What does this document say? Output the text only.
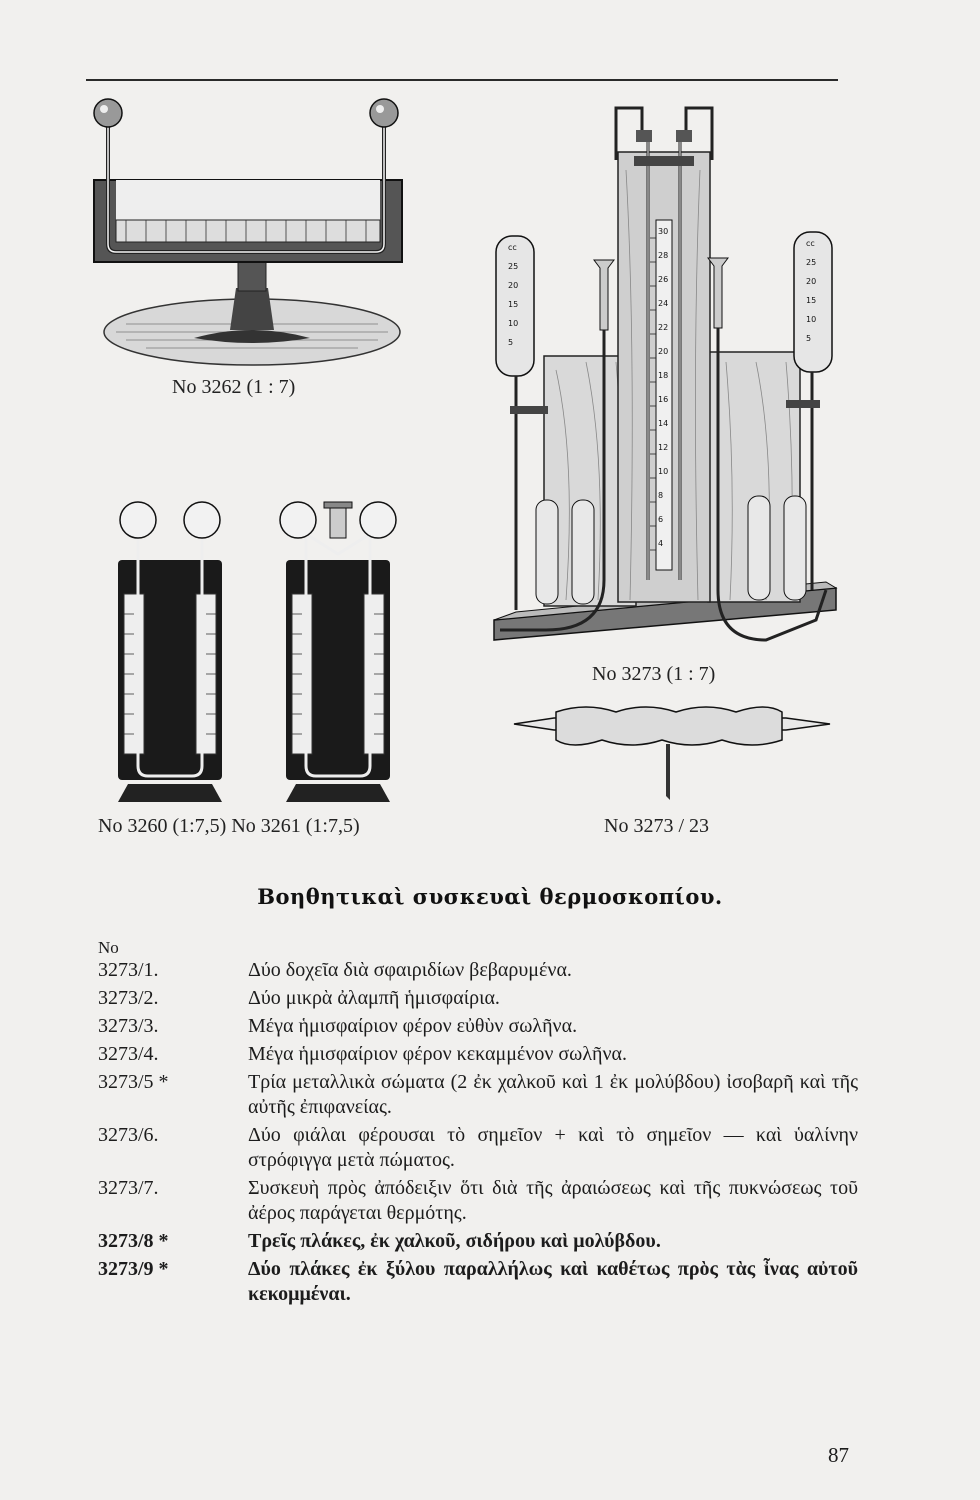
No 3262 (1 : 7)
30
28
26
24
22
20
18
16
14
12
10
8
6
4
cc
25
20
15
10
5
cc
25
20
15
10
5
No 3273 (1 : 7)
No 3273 / 23
No 3260 (1:7,5) No 3261 (1:7,5)
Βοηθητικαὶ συσκευαὶ θερμοσκοπίου.
No
3273/1.	Δύο δοχεῖα διὰ σφαιριδίων βεβαρυμένα.
3273/2.	Δύο μικρὰ ἀλαμπῆ ἡμισφαίρια.
3273/3.	Μέγα ἡμισφαίριον φέρον εὐθὺν σωλῆνα.
3273/4.	Μέγα ἡμισφαίριον φέρον κεκαμμένον σωλῆνα.
3273/5 *	Τρία μεταλλικὰ σώματα (2 ἐκ χαλκοῦ καὶ 1 ἐκ μολύβδου) ἰσοβαρῆ καὶ τῆς αὐτῆς ἐπιφανείας.
3273/6.	Δύο φιάλαι φέρουσαι τὸ σημεῖον + καὶ τὸ σημεῖον — καὶ ὑαλίνην στρόφιγγα μετὰ πώματος.
3273/7.	Συσκευὴ πρὸς ἀπόδειξιν ὅτι διὰ τῆς ἀραιώσεως καὶ τῆς πυκνώσεως τοῦ ἀέρος παράγεται θερμότης.
3273/8 *	Τρεῖς πλάκες, ἐκ χαλκοῦ, σιδήρου καὶ μολύβδου.
3273/9 *	Δύο πλάκες ἐκ ξύλου παραλλήλως καὶ καθέτως πρὸς τὰς ἶνας αὐτοῦ κεκομμέναι.
87
